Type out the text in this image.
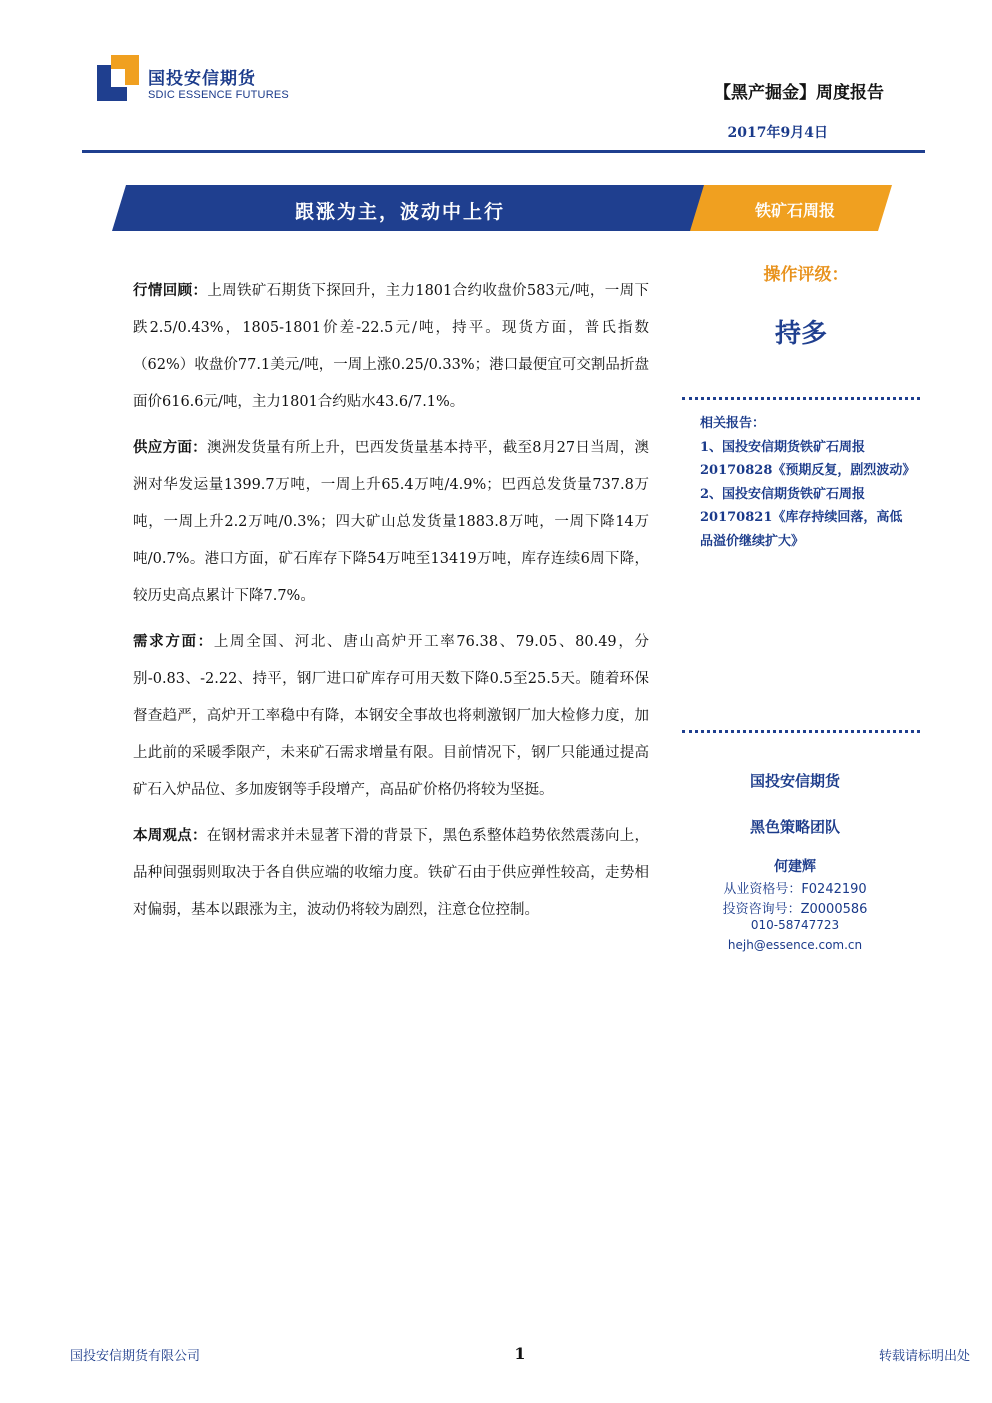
国投安信期货
SDIC ESSENCE FUTURES	【黑产掘金】周度报告
2017年9月4日
跟涨为主，波动中上行	铁矿石周报

行情回顾：上周铁矿石期货下探回升，主力1801合约收盘价583元/吨，一周下跌2.5/0.43%，1805-1801价差-22.5元/吨，持平。现货方面，普氏指数（62%）收盘价77.1美元/吨，一周上涨0.25/0.33%；港口最便宜可交割品折盘面价616.6元/吨，主力1801合约贴水43.6/7.1%。

供应方面：澳洲发货量有所上升，巴西发货量基本持平，截至8月27日当周，澳洲对华发运量1399.7万吨，一周上升65.4万吨/4.9%；巴西总发货量737.8万吨，一周上升2.2万吨/0.3%；四大矿山总发货量1883.8万吨，一周下降14万吨/0.7%。港口方面，矿石库存下降54万吨至13419万吨，库存连续6周下降，较历史高点累计下降7.7%。

需求方面：上周全国、河北、唐山高炉开工率76.38、79.05、80.49，分别-0.83、-2.22、持平，钢厂进口矿库存可用天数下降0.5至25.5天。随着环保督查趋严，高炉开工率稳中有降，本钢安全事故也将刺激钢厂加大检修力度，加上此前的采暖季限产，未来矿石需求增量有限。目前情况下，钢厂只能通过提高矿石入炉品位、多加废钢等手段增产，高品矿价格仍将较为坚挺。

本周观点：在钢材需求并未显著下滑的背景下，黑色系整体趋势依然震荡向上，品种间强弱则取决于各自供应端的收缩力度。铁矿石由于供应弹性较高，走势相对偏弱，基本以跟涨为主，波动仍将较为剧烈，注意仓位控制。

操作评级：
持多
相关报告：
1、国投安信期货铁矿石周报20170828《预期反复，剧烈波动》
2、国投安信期货铁矿石周报20170821《库存持续回落，高低品溢价继续扩大》
国投安信期货
黑色策略团队
何建辉
从业资格号：F0242190
投资咨询号：Z0000586
010-58747723
hejh@essence.com.cn
国投安信期货有限公司	1	转载请标明出处
